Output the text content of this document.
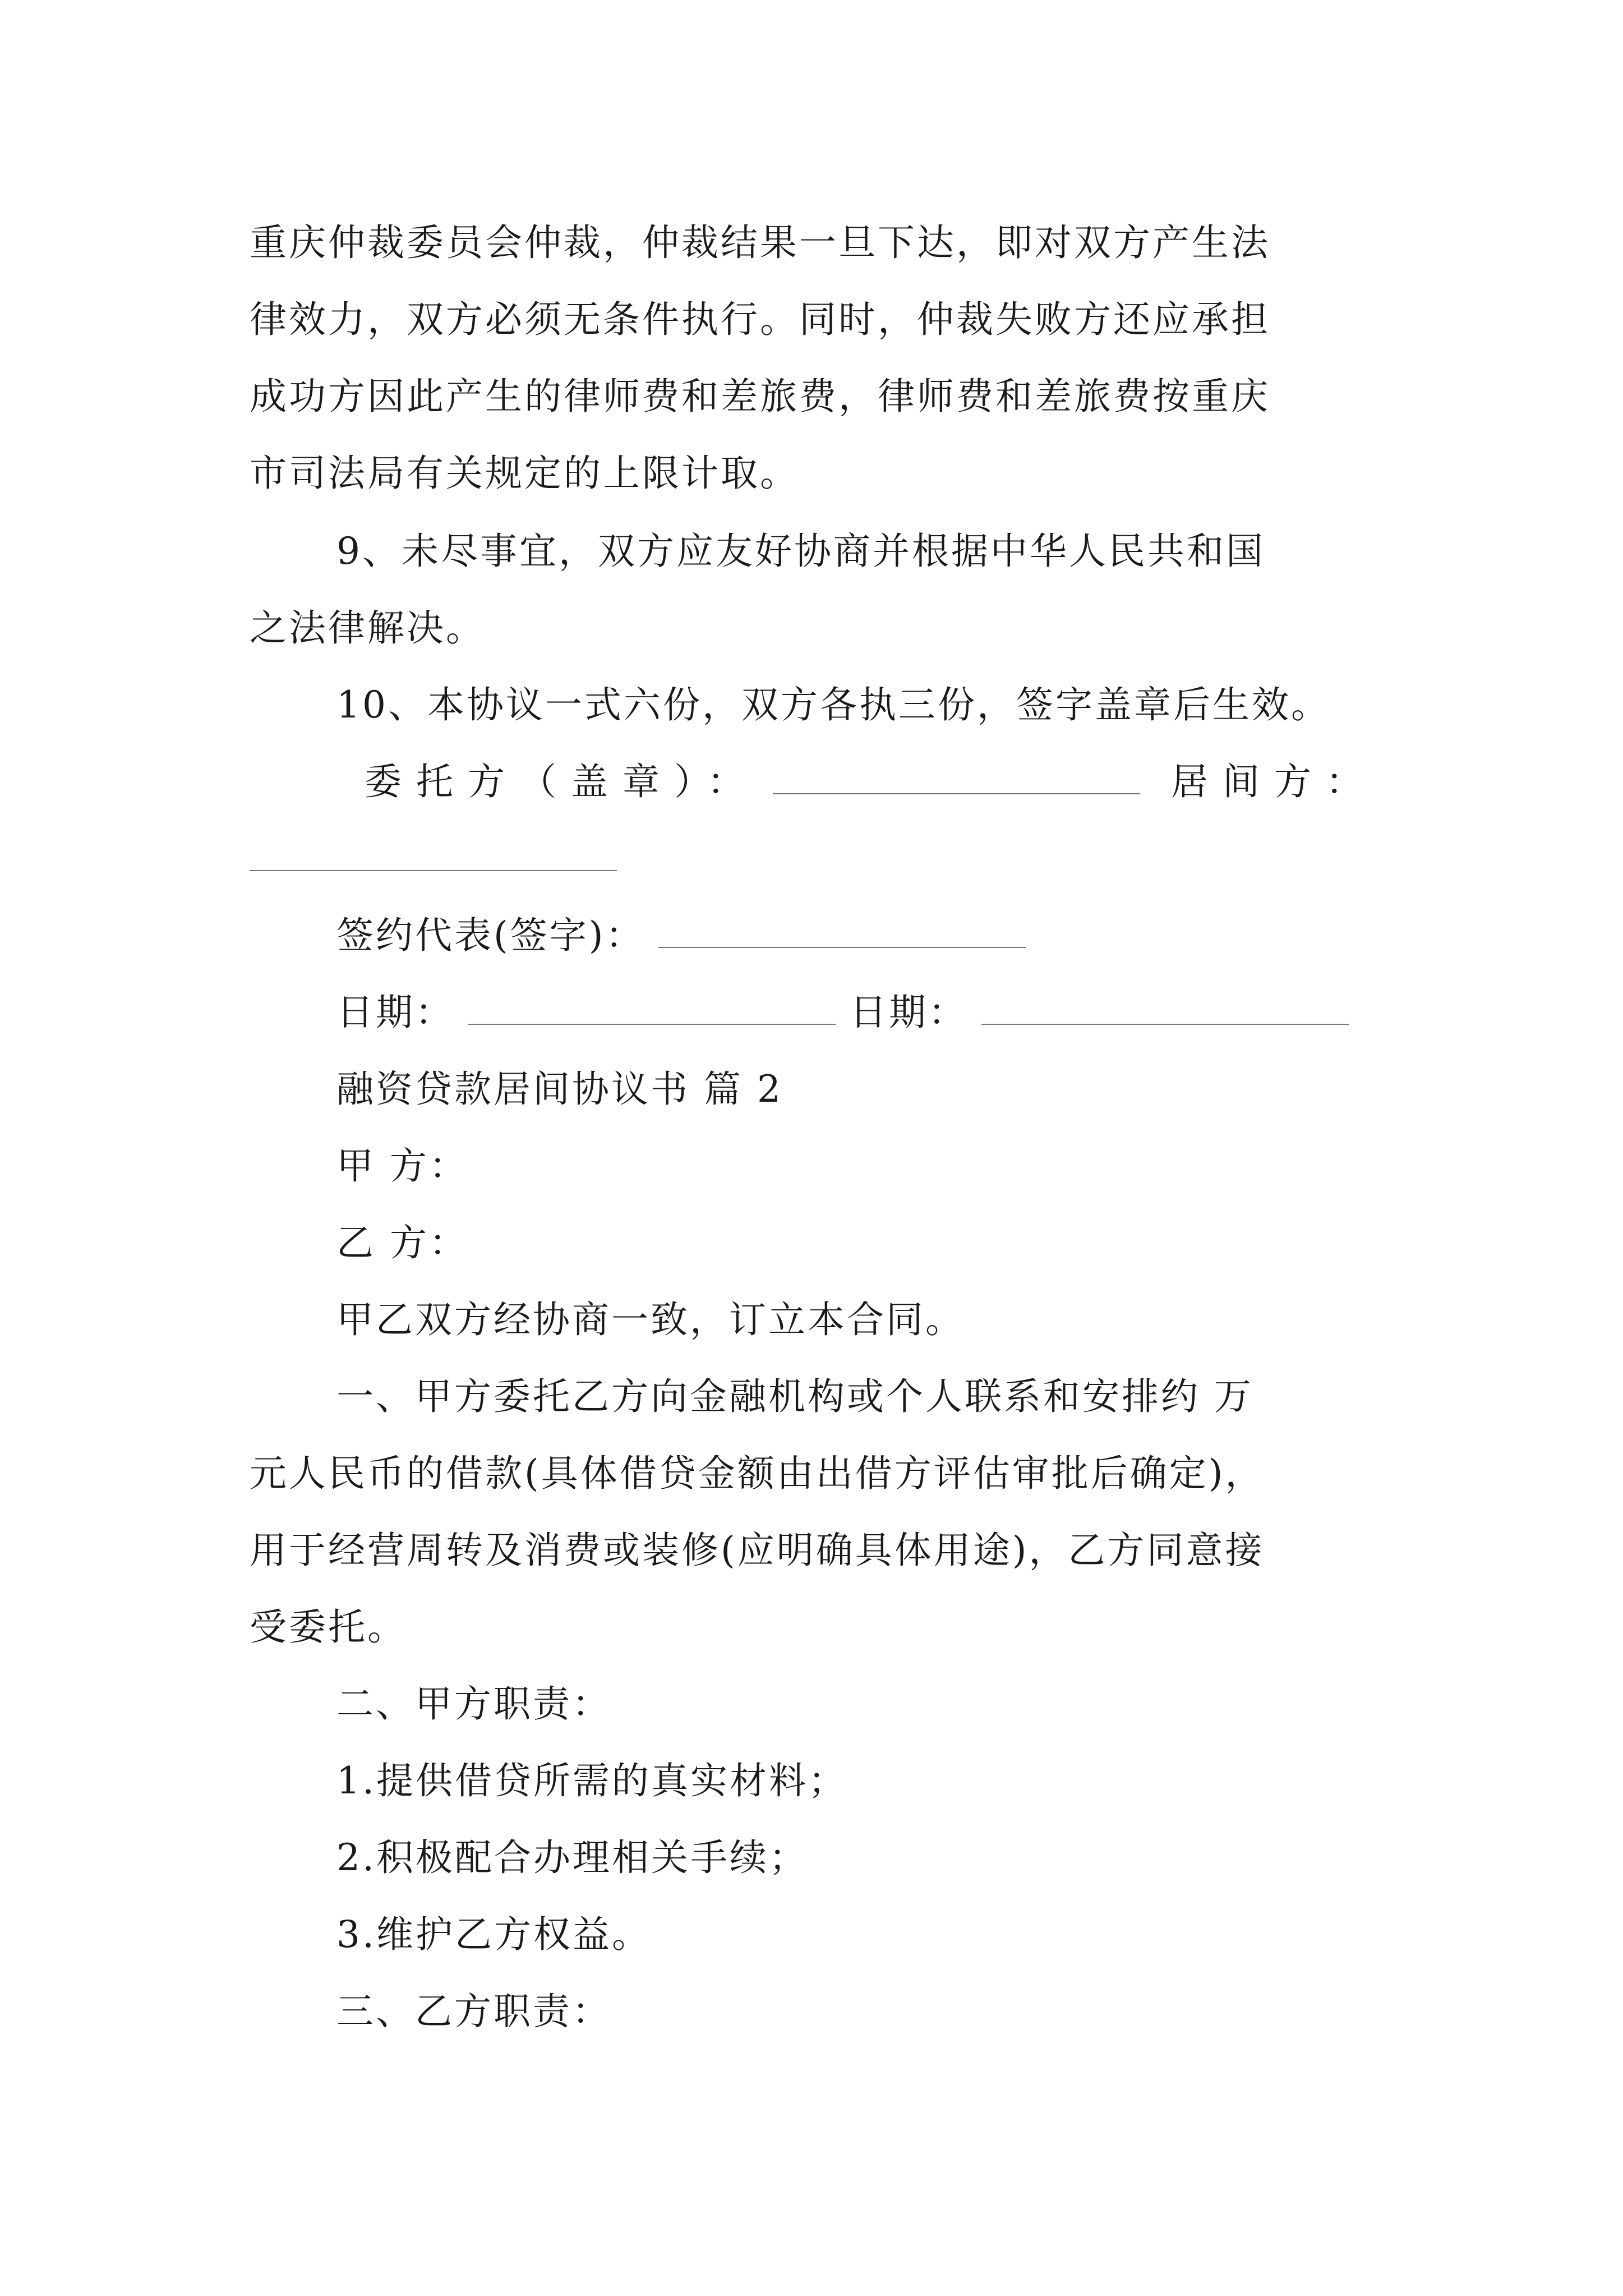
重庆仲裁委员会仲裁，仲裁结果一旦下达，即对双方产生法
律效力，双方必须无条件执行。同时，仲裁失败方还应承担
成功方因此产生的律师费和差旅费，律师费和差旅费按重庆
市司法局有关规定的上限计取。
9、未尽事宜，双方应友好协商并根据中华人民共和国
之法律解决。
10、本协议一式六份，双方各执三份，签字盖章后生效。
委托方（盖章）：	居间方：
签约代表(签字)：
日期：	日期：
融资贷款居间协议书 篇 2
甲 方：
乙 方：
甲乙双方经协商一致，订立本合同。
一、甲方委托乙方向金融机构或个人联系和安排约 万
元人民币的借款(具体借贷金额由出借方评估审批后确定)，
用于经营周转及消费或装修(应明确具体用途)，乙方同意接
受委托。
二、甲方职责：
1.提供借贷所需的真实材料；
2.积极配合办理相关手续；
3.维护乙方权益。
三、乙方职责：
